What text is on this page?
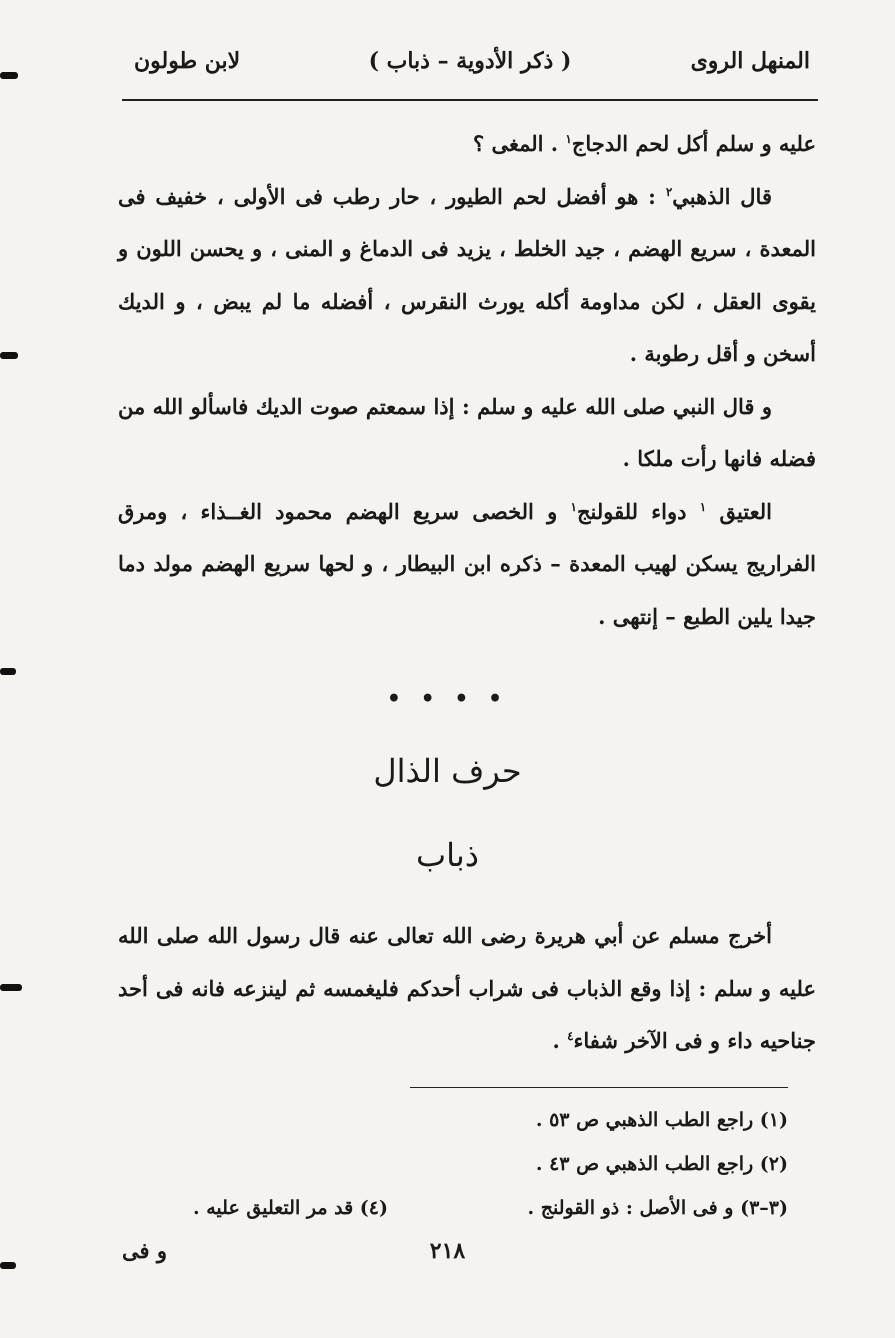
المنهل الروى
( ذكر الأدوية – ذباب )
لابن طولون

عليه و سلم أكل لحم الدجاج$^١$ . المغى ؟

قال الذهبي$^٢$ : هو أفضل لحم الطيور ، حار رطب فى الأولى ، خفيف فى المعدة ، سريع الهضم ، جيد الخلط ، يزيد فى الدماغ و المنى ، و يحسن اللون و يقوى العقل ، لكن مداومة أكله يورث النقرس ، أفضله ما لم يبض ، و الديك أسخن و أقل رطوبة .

و قال النبي صلى الله عليه و سلم : إذا سمعتم صوت الديك فاسألو الله من فضله فانها رأت ملكا .

العتيق $^١$ دواء للقولنج$^١$ و الخصى سريع الهضم محمود الغــذاء ، ومرق الفراريج يسكن لهيب المعدة – ذكره ابن البيطار ، و لحها سريع الهضم مولد دما جيدا يلين الطبع – إنتهى .

• • • •
حرف الذال
ذباب

أخرج مسلم عن أبي هريرة رضى الله تعالى عنه قال رسول الله صلى الله عليه و سلم : إذا وقع الذباب فى شراب أحدكم فليغمسه ثم لينزعه فانه فى أحد جناحيه داء و فى الآخر شفاء$^٤$ .

(١) راجع الطب الذهبي ص ٥٣ .
(٢) راجع الطب الذهبي ص ٤٣ .
(٣–٣) و فى الأصل : ذو القولنج .
(٤) قد مر التعليق عليه .
و فى	٢١٨
